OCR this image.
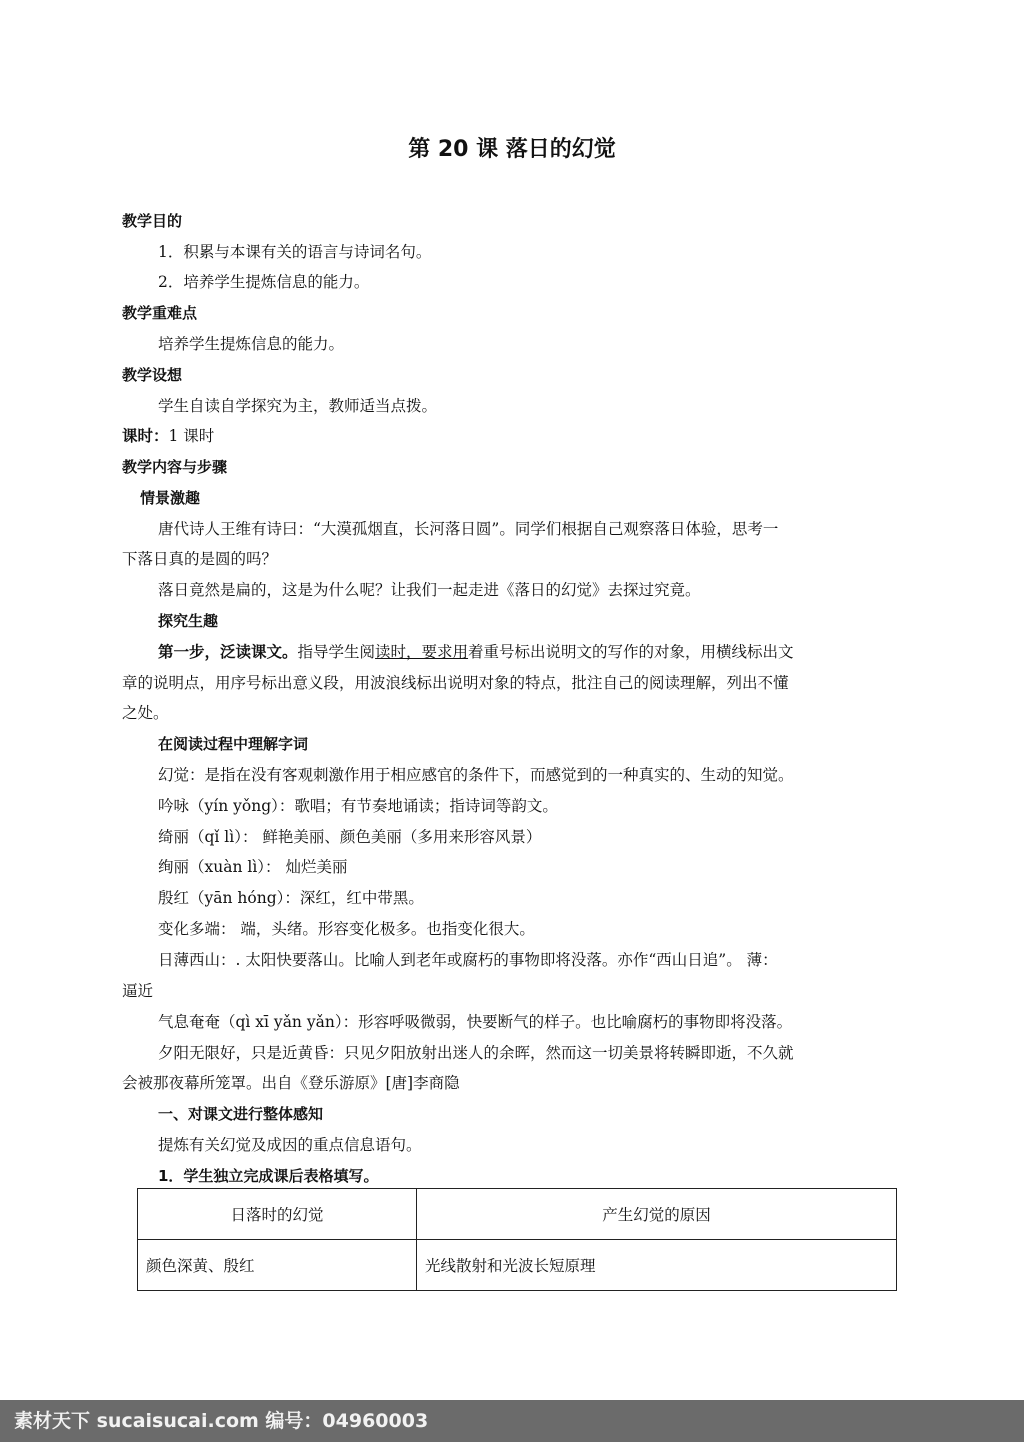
第 20 课 落日的幻觉
教学目的
1．积累与本课有关的语言与诗词名句。
2．培养学生提炼信息的能力。
教学重难点
培养学生提炼信息的能力。
教学设想
学生自读自学探究为主，教师适当点拨。
课时：1 课时
教学内容与步骤
情景激趣
唐代诗人王维有诗曰：“大漠孤烟直，长河落日圆”。同学们根据自己观察落日体验，思考一
下落日真的是圆的吗？
落日竟然是扁的，这是为什么呢？让我们一起走进《落日的幻觉》去探过究竟。
探究生趣
第一步，泛读课文。指导学生阅读时，要求用着重号标出说明文的写作的对象，用横线标出文
章的说明点，用序号标出意义段，用波浪线标出说明对象的特点，批注自己的阅读理解，列出不懂
之处。
在阅读过程中理解字词
幻觉：是指在没有客观刺激作用于相应感官的条件下，而感觉到的一种真实的、生动的知觉。
吟咏（yín yǒng）：歌唱；有节奏地诵读；指诗词等韵文。
绮丽（qǐ lì）： 鲜艳美丽、颜色美丽（多用来形容风景）
绚丽（xuàn lì）： 灿烂美丽
殷红（yān hóng）：深红，红中带黑。
变化多端： 端，头绪。形容变化极多。也指变化很大。
日薄西山：. 太阳快要落山。比喻人到老年或腐朽的事物即将没落。亦作“西山日追”。 薄：
逼近
气息奄奄（qì xī yǎn yǎn）：形容呼吸微弱，快要断气的样子。也比喻腐朽的事物即将没落。
夕阳无限好，只是近黄昏：只见夕阳放射出迷人的余晖，然而这一切美景将转瞬即逝，不久就
会被那夜幕所笼罩。出自《登乐游原》[唐]李商隐
一、对课文进行整体感知
提炼有关幻觉及成因的重点信息语句。
1．学生独立完成课后表格填写。
日落时的幻觉	产生幻觉的原因
颜色深黄、殷红	光线散射和光波长短原理
素材天下 sucaisucai.com 编号：04960003
